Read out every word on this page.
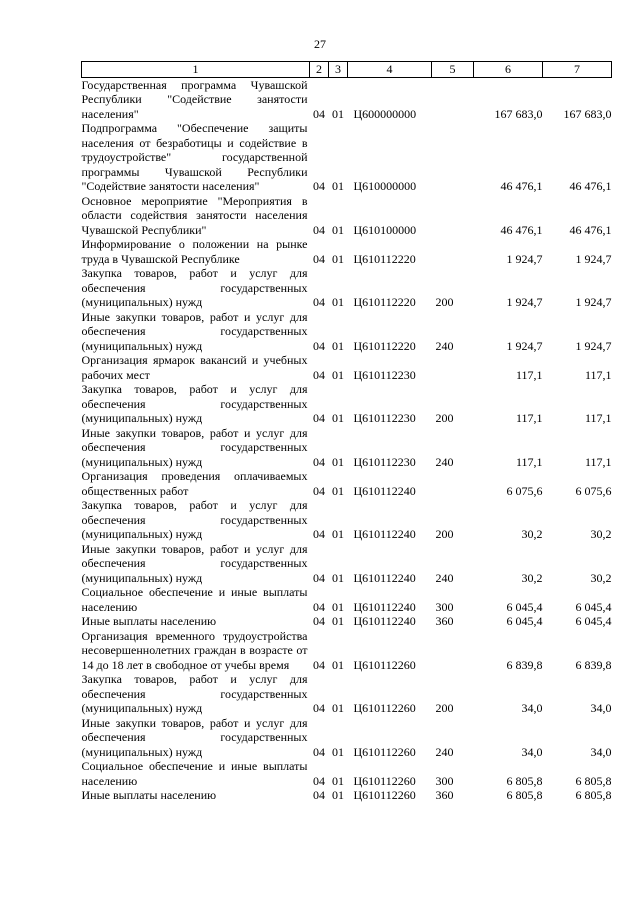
27
1	2	3	4	5	6	7
Государственная программа Чувашской Республики "Содействие занятости населения"	04	01	Ц600000000		167 683,0	167 683,0
Подпрограмма "Обеспечение защиты населения от безработицы и содействие в трудоустройстве" государственной программы Чувашской Республики "Содействие занятости населения"	04	01	Ц610000000		46 476,1	46 476,1
Основное мероприятие "Мероприятия в области содействия занятости населения Чувашской Республики"	04	01	Ц610100000		46 476,1	46 476,1
Информирование о положении на рынке труда в Чувашской Республике	04	01	Ц610112220		1 924,7	1 924,7
Закупка товаров, работ и услуг для обеспечения государственных (муниципальных) нужд	04	01	Ц610112220	200	1 924,7	1 924,7
Иные закупки товаров, работ и услуг для обеспечения государственных (муниципальных) нужд	04	01	Ц610112220	240	1 924,7	1 924,7
Организация ярмарок вакансий и учебных рабочих мест	04	01	Ц610112230		117,1	117,1
Закупка товаров, работ и услуг для обеспечения государственных (муниципальных) нужд	04	01	Ц610112230	200	117,1	117,1
Иные закупки товаров, работ и услуг для обеспечения государственных (муниципальных) нужд	04	01	Ц610112230	240	117,1	117,1
Организация проведения оплачиваемых общественных работ	04	01	Ц610112240		6 075,6	6 075,6
Закупка товаров, работ и услуг для обеспечения государственных (муниципальных) нужд	04	01	Ц610112240	200	30,2	30,2
Иные закупки товаров, работ и услуг для обеспечения государственных (муниципальных) нужд	04	01	Ц610112240	240	30,2	30,2
Социальное обеспечение и иные выплаты населению	04	01	Ц610112240	300	6 045,4	6 045,4
Иные выплаты населению	04	01	Ц610112240	360	6 045,4	6 045,4
Организация временного трудоустройства несовершеннолетних граждан в возрасте от 14 до 18 лет в свободное от учебы время	04	01	Ц610112260		6 839,8	6 839,8
Закупка товаров, работ и услуг для обеспечения государственных (муниципальных) нужд	04	01	Ц610112260	200	34,0	34,0
Иные закупки товаров, работ и услуг для обеспечения государственных (муниципальных) нужд	04	01	Ц610112260	240	34,0	34,0
Социальное обеспечение и иные выплаты населению	04	01	Ц610112260	300	6 805,8	6 805,8
Иные выплаты населению	04	01	Ц610112260	360	6 805,8	6 805,8
